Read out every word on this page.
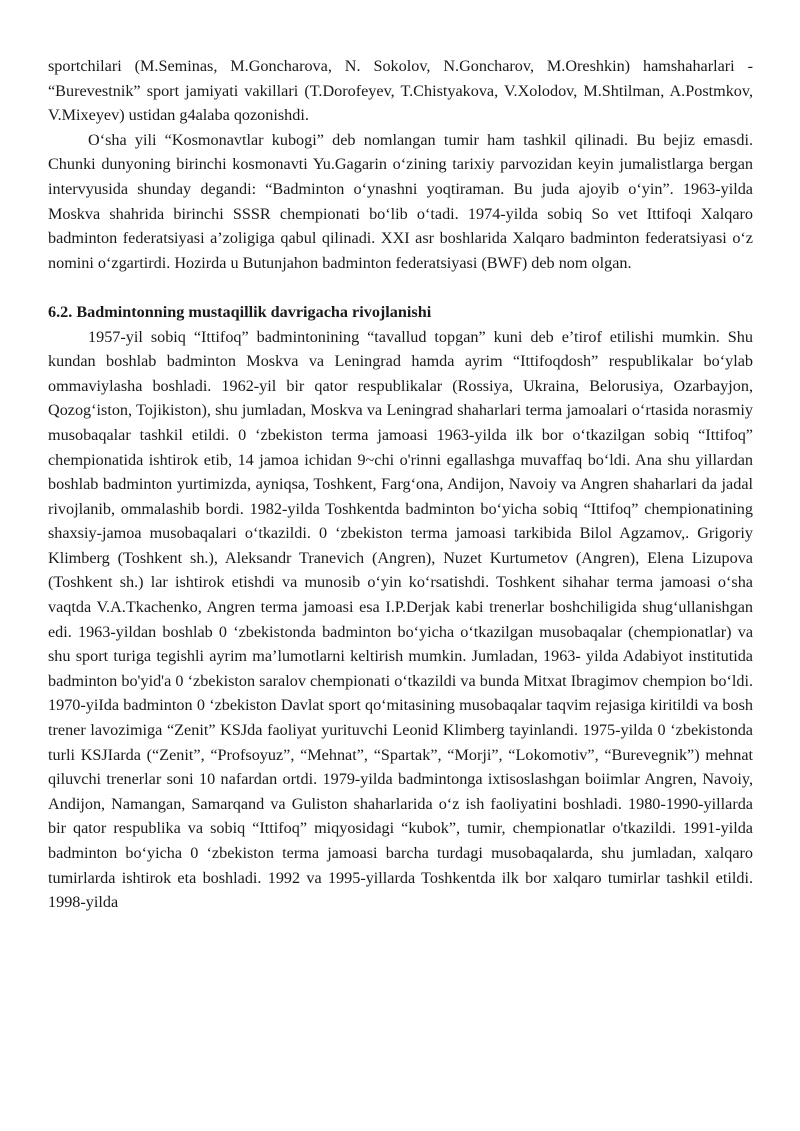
sportchilari (M.Seminas, M.Goncharova, N. Sokolov, N.Goncharov, M.Oreshkin) hamshaharlari - “Burevestnik” sport jamiyati vakillari (T.Dorofeyev, T.Chistyakova, V.Xolodov, M.Shtilman, A.Postmkov, V.Mixeyev) ustidan g4alaba qozonishdi.

O‘sha yili “Kosmonavtlar kubogi” deb nomlangan tumir ham tashkil qilinadi. Bu bejiz emasdi. Chunki dunyoning birinchi kosmonavti Yu.Gagarin o‘zining tarixiy parvozidan keyin jumalistlarga bergan intervyusida shunday degandi: “Badminton o‘ynashni yoqtiraman. Bu juda ajoyib o‘yin”. 1963-yilda Moskva shahrida birinchi SSSR chempionati bo‘lib o‘tadi. 1974-yilda sobiq So vet Ittifoqi Xalqaro badminton federatsiyasi a’zoligiga qabul qilinadi. XXI asr boshlarida Xalqaro badminton federatsiyasi o‘z nomini o‘zgartirdi. Hozirda u Butunjahon badminton federatsiyasi (BWF) deb nom olgan.

6.2. Badmintonning mustaqillik davrigacha rivojlanishi

1957-yil sobiq “Ittifoq” badmintonining “tavallud topgan” kuni deb e’tirof etilishi mumkin. Shu kundan boshlab badminton Moskva va Leningrad hamda ayrim “Ittifoqdosh” respublikalar bo‘ylab ommaviylasha boshladi. 1962-yil bir qator respublikalar (Rossiya, Ukraina, Belorusiya, Ozarbayjon, Qozog‘iston, Tojikiston), shu jumladan, Moskva va Leningrad shaharlari terma jamoalari o‘rtasida norasmiy musobaqalar tashkil etildi. 0 ‘zbekiston terma jamoasi 1963-yilda ilk bor o‘tkazilgan sobiq “Ittifoq” chempionatida ishtirok etib, 14 jamoa ichidan 9~chi o'rinni egallashga muvaffaq bo‘ldi. Ana shu yillardan boshlab badminton yurtimizda, ayniqsa, Toshkent, Farg‘ona, Andijon, Navoiy va Angren shaharlari da jadal rivojlanib, ommalashib bordi. 1982-yilda Toshkentda badminton bo‘yicha sobiq “Ittifoq” chempionatining shaxsiy-jamoa musobaqalari o‘tkazildi. 0 ‘zbekiston terma jamoasi tarkibida Bilol Agzamov,. Grigoriy Klimberg (Toshkent sh.), Aleksandr Tranevich (Angren), Nuzet Kurtumetov (Angren), Elena Lizupova (Toshkent sh.) lar ishtirok etishdi va munosib o‘yin ko‘rsatishdi. Toshkent sihahar terma jamoasi o‘sha vaqtda V.A.Tkachenko, Angren terma jamoasi esa I.P.Derjak kabi trenerlar boshchiligida shug‘ullanishgan edi. 1963-yildan boshlab 0 ‘zbekistonda badminton bo‘yicha o‘tkazilgan musobaqalar (chempionatlar) va shu sport turiga tegishli ayrim ma’lumotlarni keltirish mumkin. Jumladan, 1963- yilda Adabiyot institutida badminton bo'yid'a 0 ‘zbekiston saralov chempionati o‘tkazildi va bunda Mitxat Ibragimov chempion bo‘ldi. 1970-yiIda badminton 0 ‘zbekiston Davlat sport qo‘mitasining musobaqalar taqvim rejasiga kiritildi va bosh trener lavozimiga “Zenit” KSJda faoliyat yurituvchi Leonid Klimberg tayinlandi. 1975-yilda 0 ‘zbekistonda turli KSJIarda (“Zenit”, “Profsoyuz”, “Mehnat”, “Spartak”, “Morji”, “Lokomotiv”, “Burevegnik”) mehnat qiluvchi trenerlar soni 10 nafardan ortdi. 1979-yilda badmintonga ixtisoslashgan boiimlar Angren, Navoiy, Andijon, Namangan, Samarqand va Guliston shaharlarida o‘z ish faoliyatini boshladi. 1980-1990-yillarda bir qator respublika va sobiq “Ittifoq” miqyosidagi “kubok”, tumir, chempionatlar o'tkazildi. 1991-yilda badminton bo‘yicha 0 ‘zbekiston terma jamoasi barcha turdagi musobaqalarda, shu jumladan, xalqaro tumirlarda ishtirok eta boshladi. 1992 va 1995-yillarda Toshkentda ilk bor xalqaro tumirlar tashkil etildi. 1998-yilda
